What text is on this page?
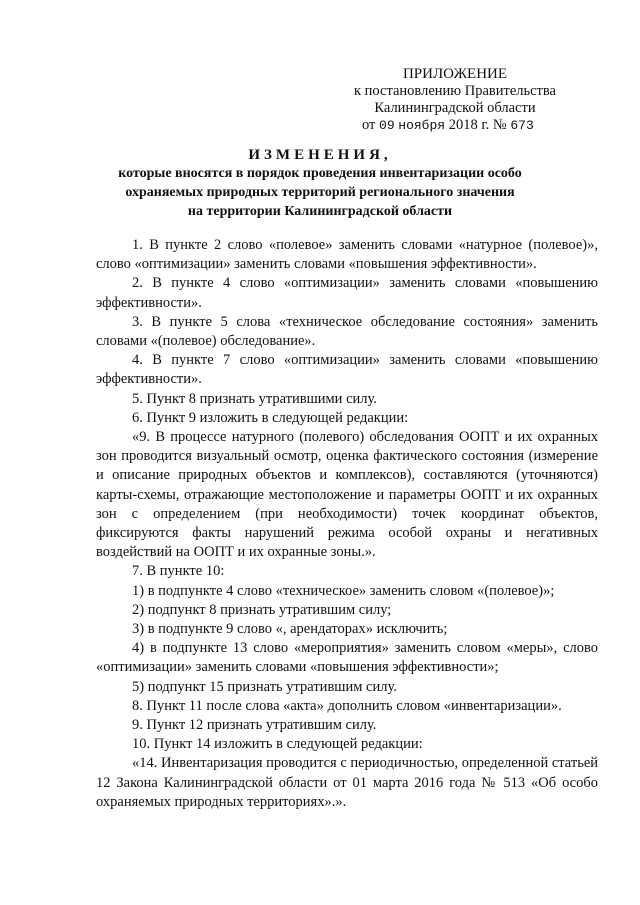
ПРИЛОЖЕНИЕ
к постановлению Правительства
Калининградской области
от 09 ноября 2018 г. № 673
ИЗМЕНЕНИЯ,
которые вносятся в порядок проведения инвентаризации особо
охраняемых природных территорий регионального значения
на территории Калининградской области

1. В пункте 2 слово «полевое» заменить словами «натурное (полевое)», слово «оптимизации» заменить словами «повышения эффективности».

2. В пункте 4 слово «оптимизации» заменить словами «повышению эффективности».

3. В пункте 5 слова «техническое обследование состояния» заменить словами «(полевое) обследование».

4. В пункте 7 слово «оптимизации» заменить словами «повышению эффективности».

5. Пункт 8 признать утратившими силу.

6. Пункт 9 изложить в следующей редакции:

«9. В процессе натурного (полевого) обследования ООПТ и их охранных зон проводится визуальный осмотр, оценка фактического состояния (измерение и описание природных объектов и комплексов), составляются (уточняются) карты-схемы, отражающие местоположение и параметры ООПТ и их охранных зон с определением (при необходимости) точек координат объектов, фиксируются факты нарушений режима особой охраны и негативных воздействий на ООПТ и их охранные зоны.».

7. В пункте 10:

1) в подпункте 4 слово «техническое» заменить словом «(полевое)»;

2) подпункт 8 признать утратившим силу;

3) в подпункте 9 слово «, арендаторах» исключить;

4) в подпункте 13 слово «мероприятия» заменить словом «меры», слово «оптимизации» заменить словами «повышения эффективности»;

5) подпункт 15 признать утратившим силу.

8. Пункт 11 после слова «акта» дополнить словом «инвентаризации».

9. Пункт 12 признать утратившим силу.

10. Пункт 14 изложить в следующей редакции:

«14. Инвентаризация проводится с периодичностью, определенной статьей 12 Закона Калининградской области от 01 марта 2016 года № 513 «Об особо охраняемых природных территориях».».
